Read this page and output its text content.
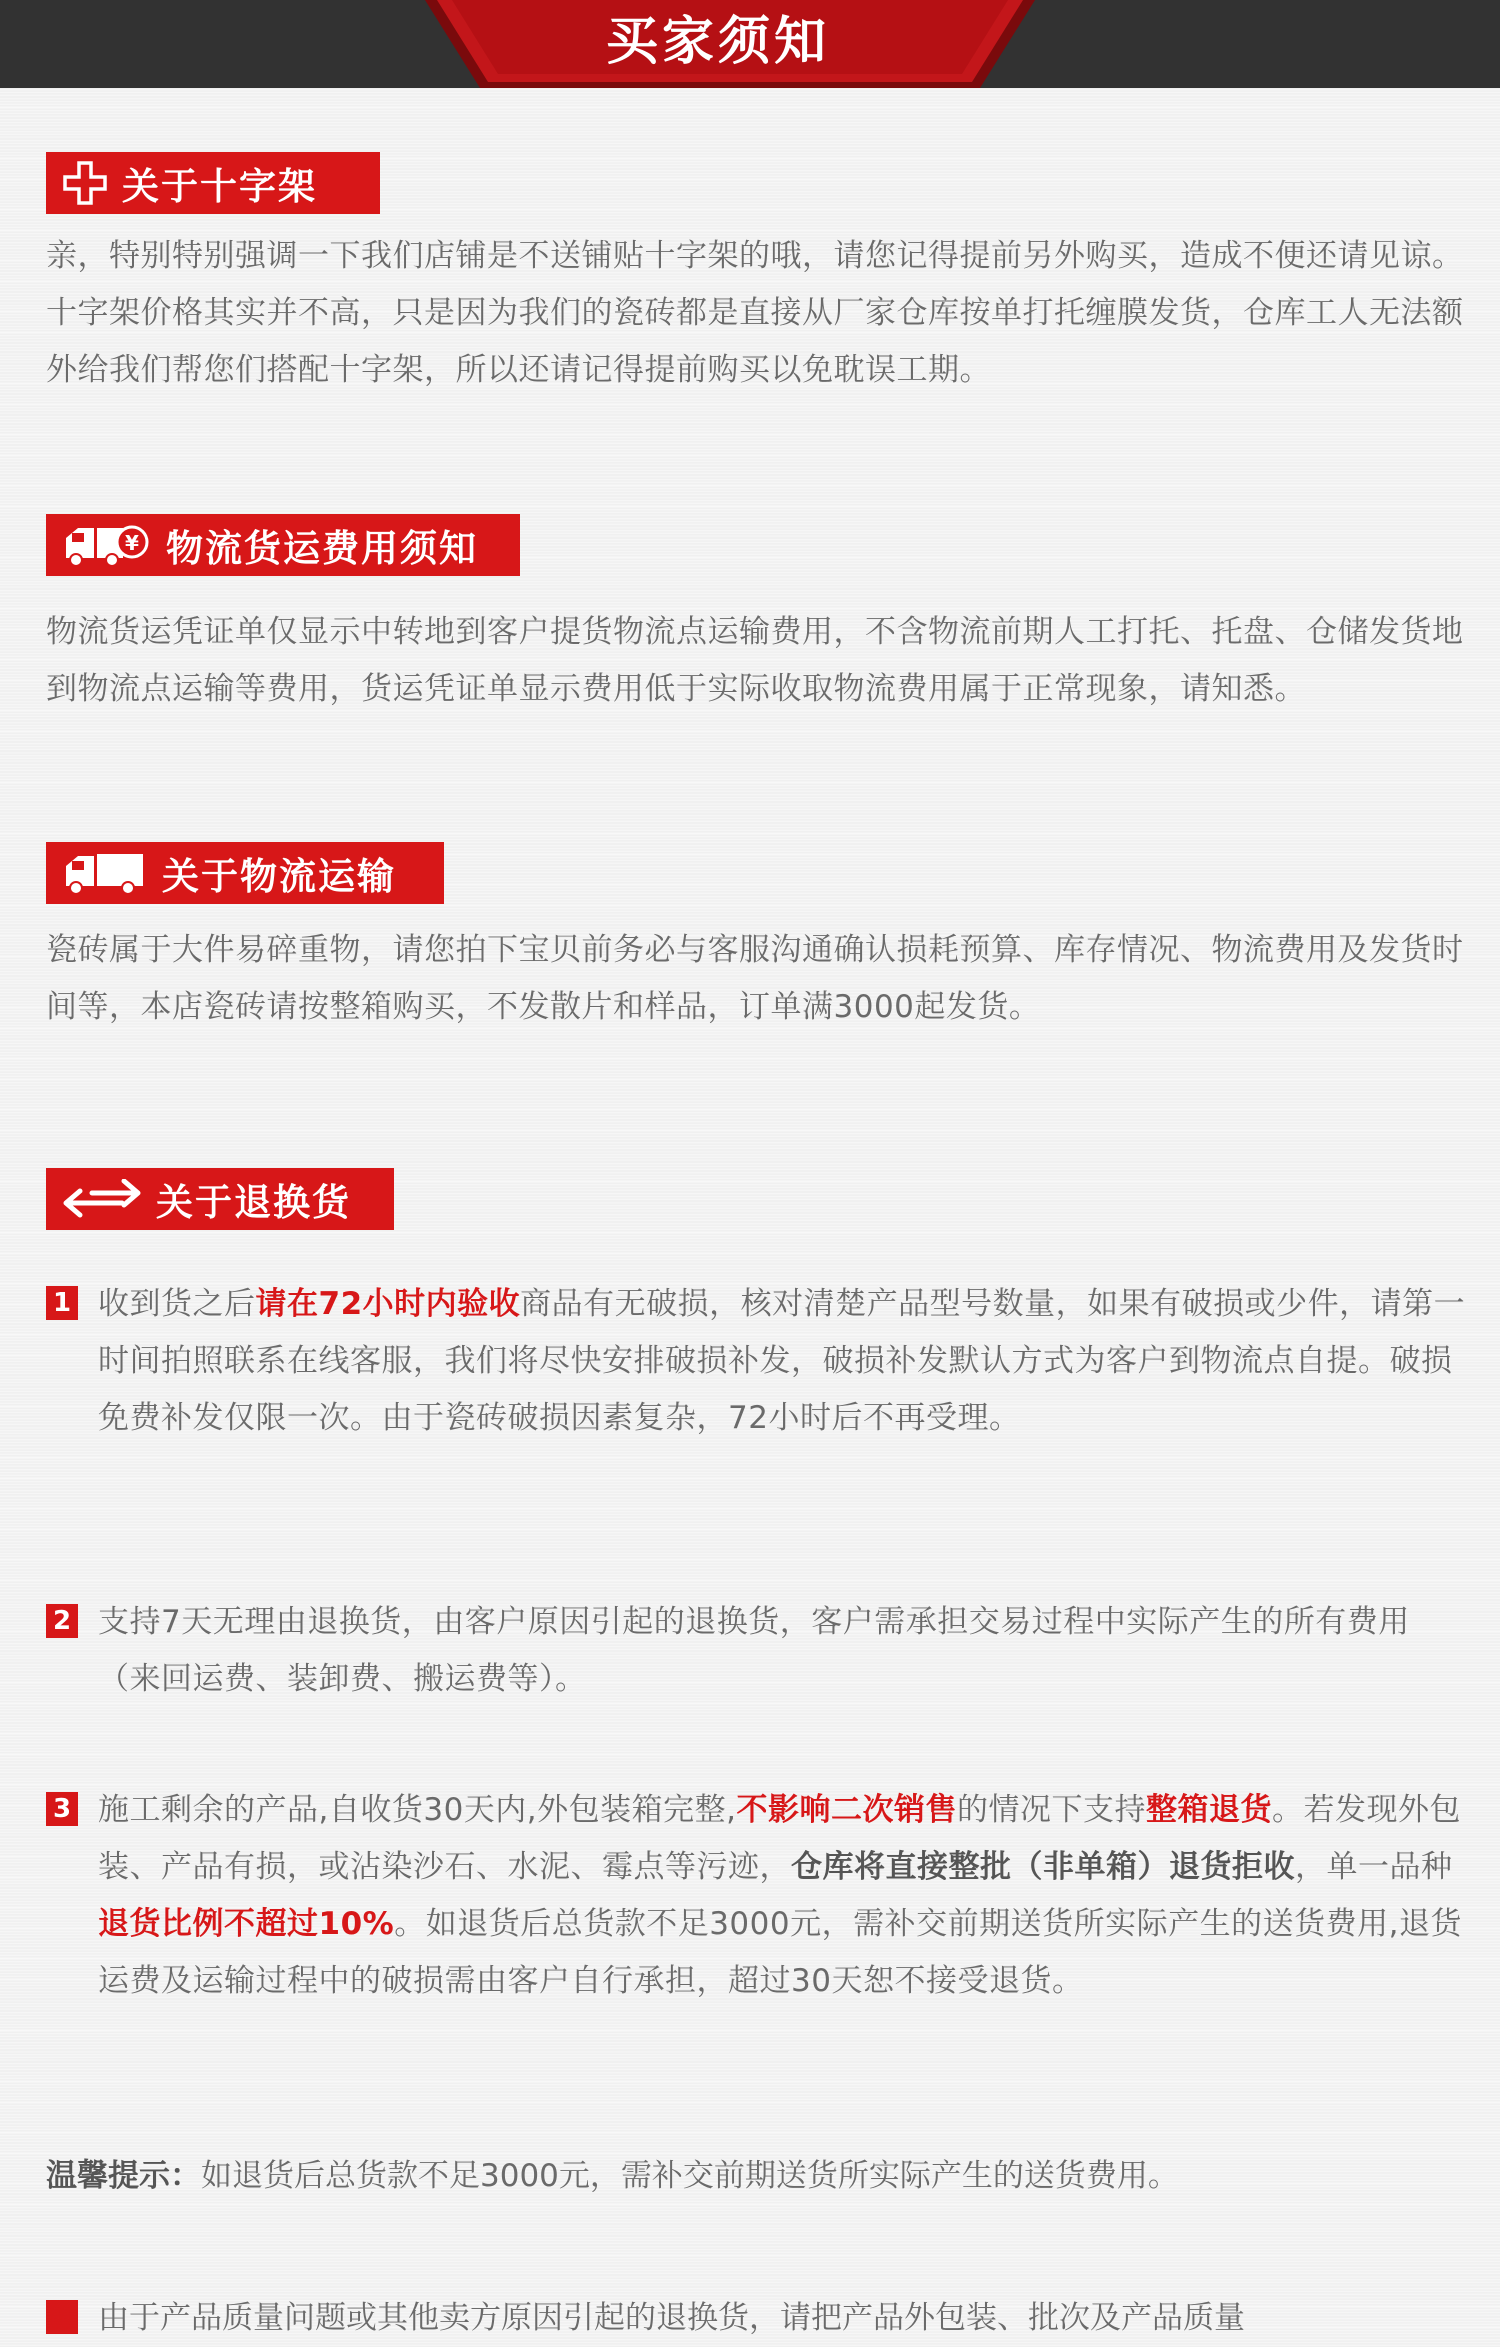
买家须知
关于十字架
亲，特别特别强调一下我们店铺是不送铺贴十字架的哦，请您记得提前另外购买，造成不便还请见谅。十字架价格其实并不高，只是因为我们的瓷砖都是直接从厂家仓库按单打托缠膜发货，仓库工人无法额外给我们帮您们搭配十字架，所以还请记得提前购买以免耽误工期。
¥ 物流货运费用须知
物流货运凭证单仅显示中转地到客户提货物流点运输费用，不含物流前期人工打托、托盘、仓储发货地到物流点运输等费用，货运凭证单显示费用低于实际收取物流费用属于正常现象，请知悉。
关于物流运输
瓷砖属于大件易碎重物，请您拍下宝贝前务必与客服沟通确认损耗预算、库存情况、物流费用及发货时间等，本店瓷砖请按整箱购买，不发散片和样品，订单满3000起发货。
关于退换货
1 收到货之后请在72小时内验收商品有无破损，核对清楚产品型号数量，如果有破损或少件，请第一时间拍照联系在线客服，我们将尽快安排破损补发，破损补发默认方式为客户到物流点自提。破损免费补发仅限一次。由于瓷砖破损因素复杂，72小时后不再受理。
2 支持7天无理由退换货，由客户原因引起的退换货，客户需承担交易过程中实际产生的所有费用（来回运费、装卸费、搬运费等）。
3 施工剩余的产品,自收货30天内,外包装箱完整,不影响二次销售的情况下支持整箱退货。若发现外包装、产品有损，或沾染沙石、水泥、霉点等污迹，仓库将直接整批（非单箱）退货拒收，单一品种退货比例不超过10%。如退货后总货款不足3000元，需补交前期送货所实际产生的送货费用,退货运费及运输过程中的破损需由客户自行承担，超过30天恕不接受退货。
温馨提示：如退货后总货款不足3000元，需补交前期送货所实际产生的送货费用。
由于产品质量问题或其他卖方原因引起的退换货，请把产品外包装、批次及产品质量
